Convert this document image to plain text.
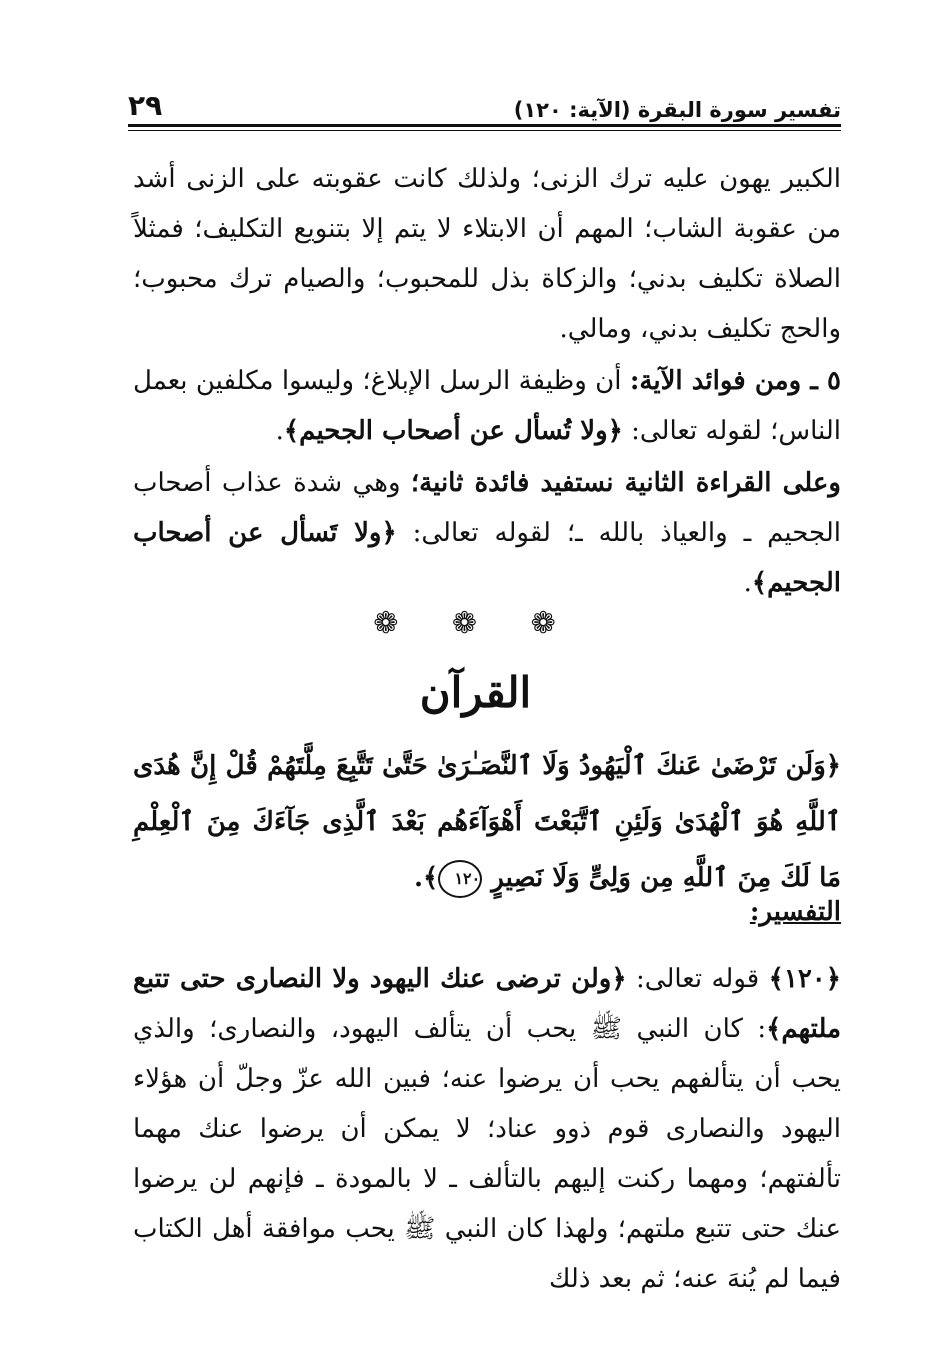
تفسير سورة البقرة (الآية: ١٢٠)
٢٩
الكبير يهون عليه ترك الزنى؛ ولذلك كانت عقوبته على الزنى أشد من عقوبة الشاب؛ المهم أن الابتلاء لا يتم إلا بتنويع التكليف؛ فمثلاً الصلاة تكليف بدني؛ والزكاة بذل للمحبوب؛ والصيام ترك محبوب؛ والحج تكليف بدني، ومالي.
٥ ـ ومن فوائد الآية: أن وظيفة الرسل الإبلاغ؛ وليسوا مكلفين بعمل الناس؛ لقوله تعالى: ﴿ولا تُسأل عن أصحاب الجحيم﴾.
وعلى القراءة الثانية نستفيد فائدة ثانية؛ وهي شدة عذاب أصحاب الجحيم ـ والعياذ بالله ـ؛ لقوله تعالى: ﴿ولا تَسأل عن أصحاب الجحيم﴾.
❁ ❁ ❁
القرآن
﴿وَلَن تَرْضَىٰ عَنكَ ٱلْيَهُودُ وَلَا ٱلنَّصَـٰرَىٰ حَتَّىٰ تَتَّبِعَ مِلَّتَهُمْ قُلْ إِنَّ هُدَى ٱللَّهِ هُوَ ٱلْهُدَىٰ وَلَئِنِ ٱتَّبَعْتَ أَهْوَآءَهُم بَعْدَ ٱلَّذِى جَآءَكَ مِنَ ٱلْعِلْمِ مَا لَكَ مِنَ ٱللَّهِ مِن وَلِىٍّ وَلَا نَصِيرٍ ١٢٠﴾.
التفسير:
﴿١٢٠﴾ قوله تعالى: ﴿ولن ترضى عنك اليهود ولا النصارى حتى تتبع ملتهم﴾: كان النبي ﷺ يحب أن يتألف اليهود، والنصارى؛ والذي يحب أن يتألفهم يحب أن يرضوا عنه؛ فبين الله عزّ وجلّ أن هؤلاء اليهود والنصارى قوم ذوو عناد؛ لا يمكن أن يرضوا عنك مهما تألفتهم؛ ومهما ركنت إليهم بالتألف ـ لا بالمودة ـ فإنهم لن يرضوا عنك حتى تتبع ملتهم؛ ولهذا كان النبي ﷺ يحب موافقة أهل الكتاب فيما لم يُنهَ عنه؛ ثم بعد ذلك
